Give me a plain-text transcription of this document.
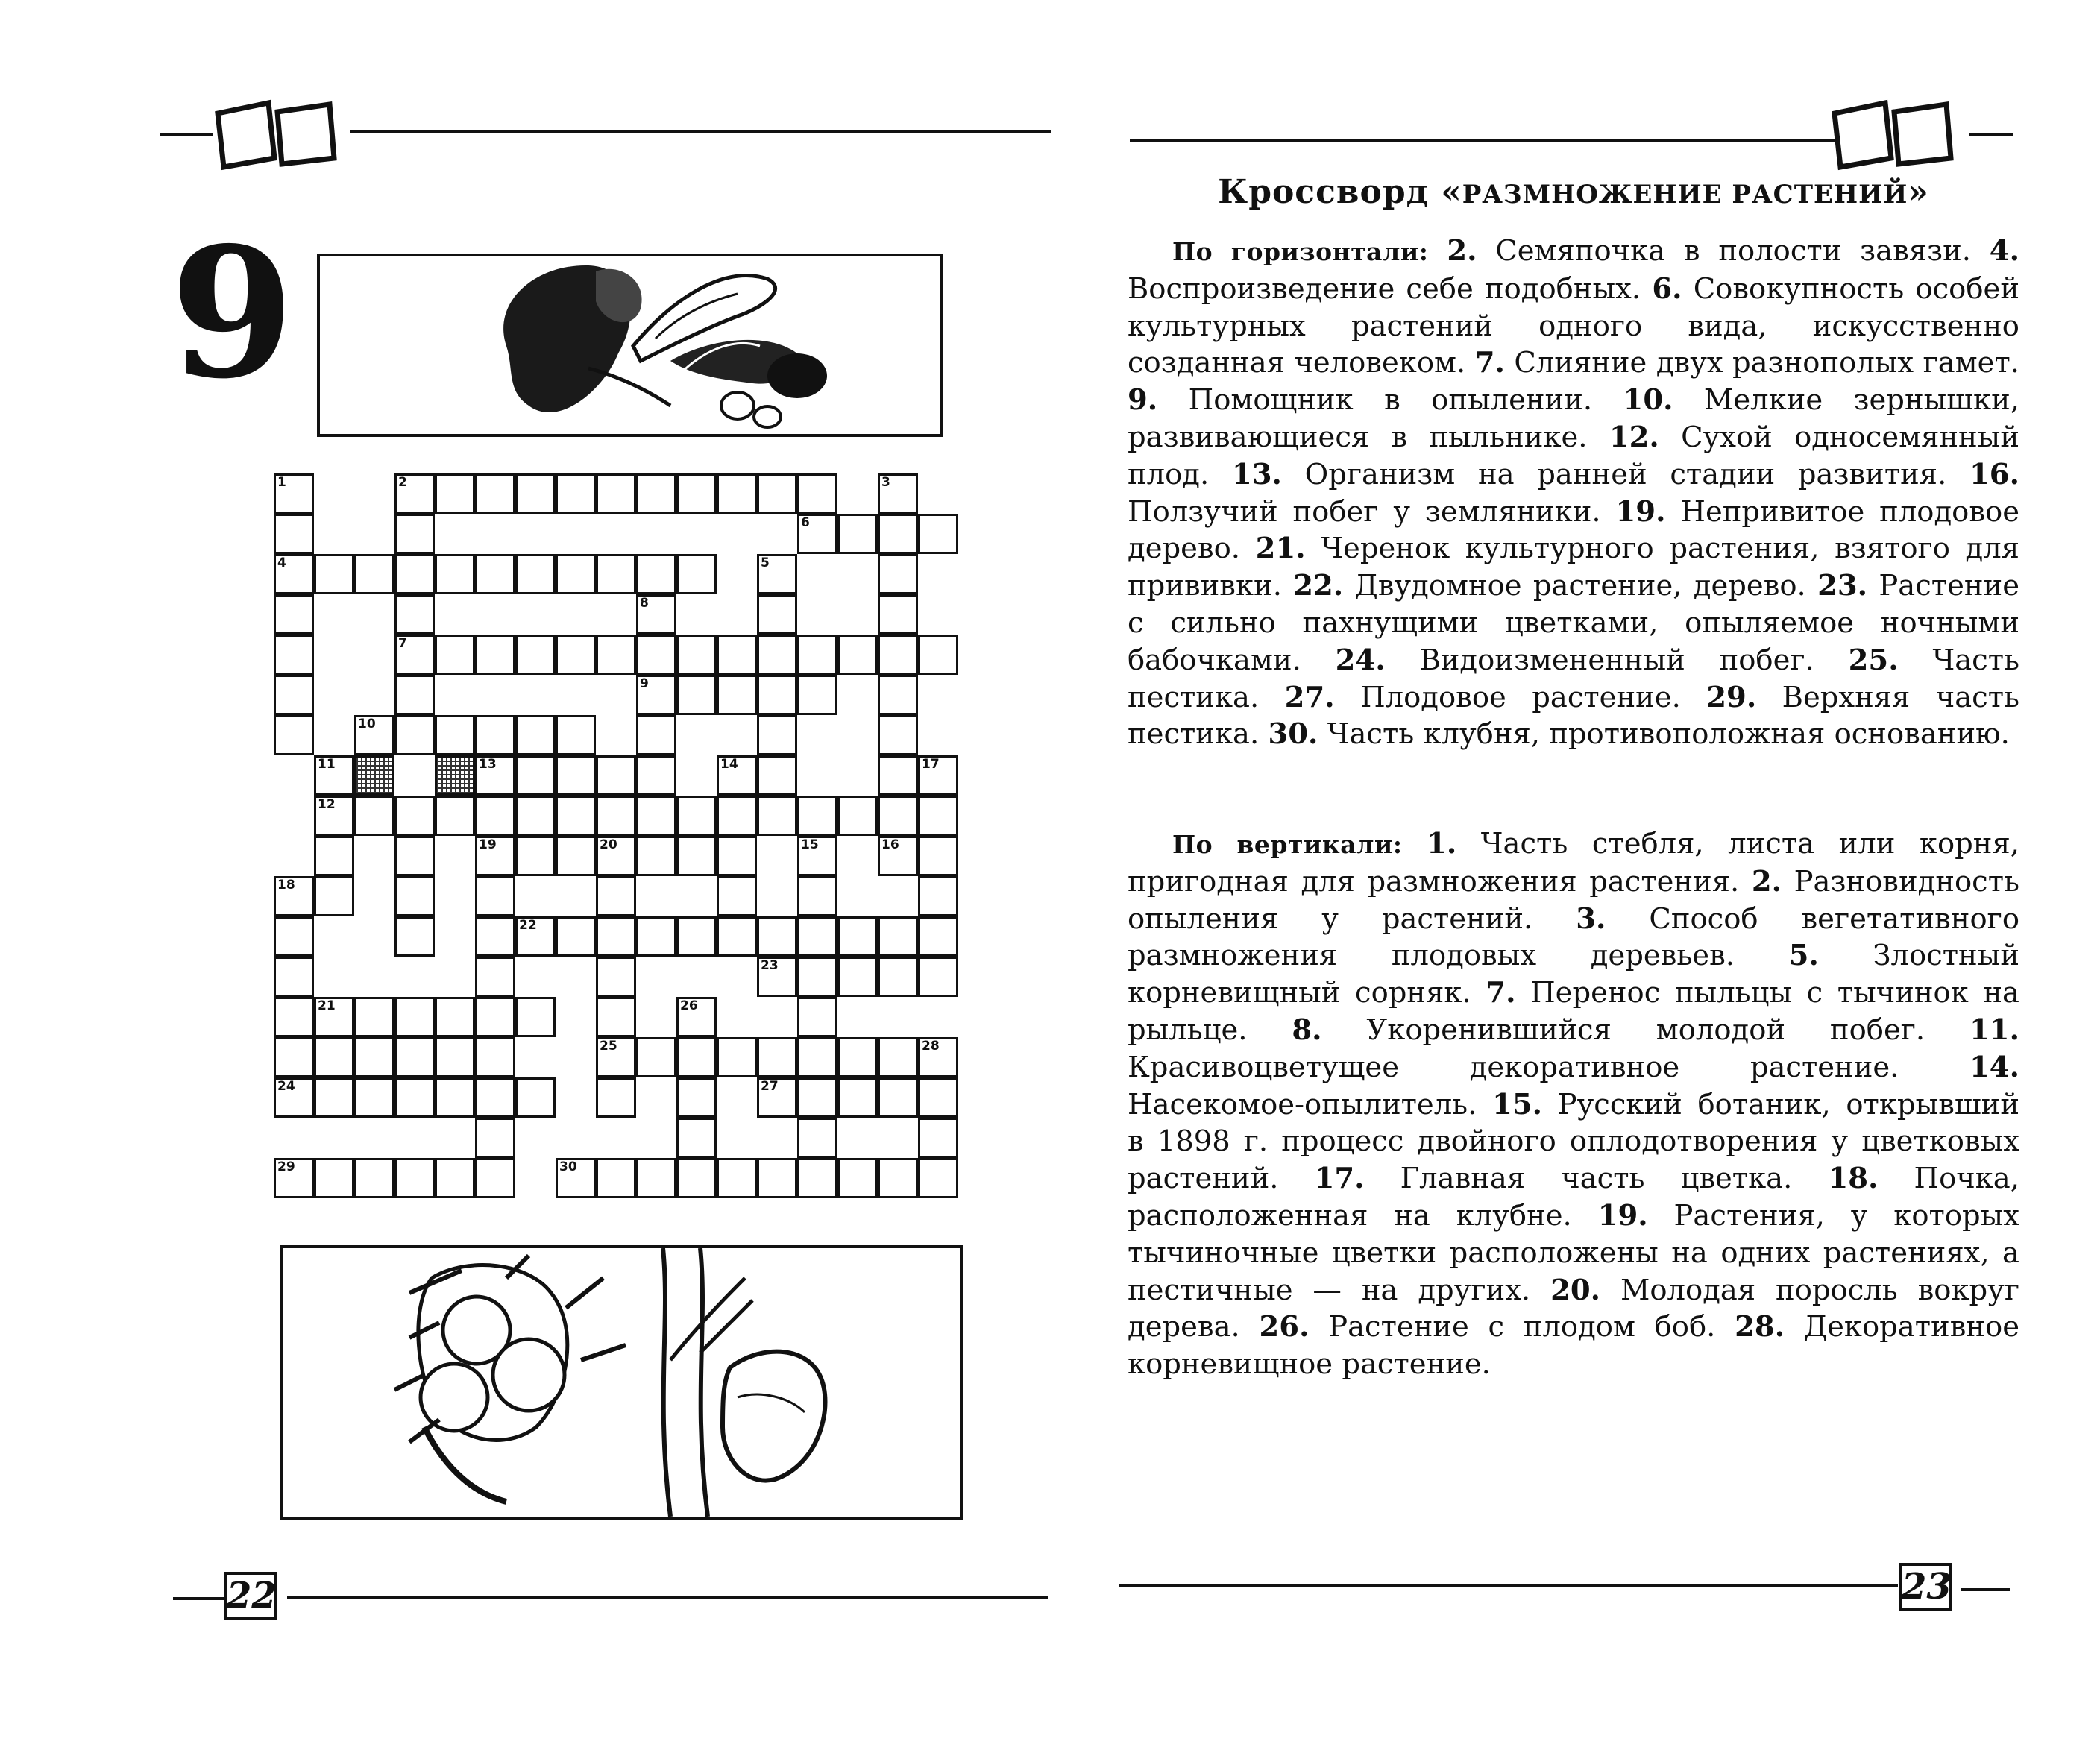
9
1	2	3
6
4	5
8
7
9
10
11	13	14	17
12
19	20	15	16
18
22
23
21	26
25	28
24	27
29	30
22	23
Кроссворд «РАЗМНОЖЕНИЕ РАСТЕНИЙ»

По горизонтали: 2. Семяпочка в полости завязи. 4. Воспроизведение себе подобных. 6. Совокупность особей культурных растений одного вида, искусственно созданная человеком. 7. Слияние двух разнополых гамет. 9. Помощник в опылении. 10. Мелкие зернышки, развивающиеся в пыльнике. 12. Сухой односемянный плод. 13. Организм на ранней стадии развития. 16. Ползучий побег у земляники. 19. Непривитое плодовое дерево. 21. Черенок культурного растения, взятого для прививки. 22. Двудомное растение, дерево. 23. Растение с сильно пахнущими цветками, опыляемое ночными бабочками. 24. Видоизмененный побег. 25. Часть пестика. 27. Плодовое растение. 29. Верхняя часть пестика. 30. Часть клубня, противоположная основанию.

По вертикали: 1. Часть стебля, листа или корня, пригодная для размножения растения. 2. Разновидность опыления у растений. 3. Способ вегетативного размножения плодовых деревьев. 5. Злостный корневищный сорняк. 7. Перенос пыльцы с тычинок на рыльце. 8. Укоренившийся молодой побег. 11. Красивоцветущее декоративное растение. 14. Насекомое-опылитель. 15. Русский ботаник, открывший в 1898 г. процесс двойного оплодотворения у цветковых растений. 17. Главная часть цветка. 18. Почка, расположенная на клубне. 19. Растения, у которых тычиночные цветки расположены на одних растениях, а пестичные — на других. 20. Молодая поросль вокруг дерева. 26. Растение с плодом боб. 28. Декоративное корневищное растение.
